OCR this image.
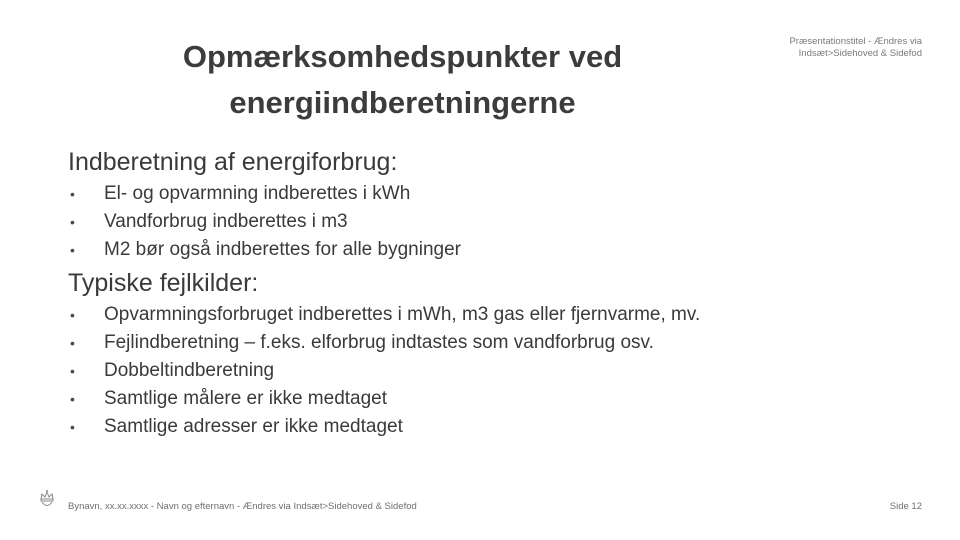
Opmærksomhedspunkter ved energiindberetningerne
Præsentationstitel - Ændres via Indsæt>Sidehoved & Sidefod
Indberetning af energiforbrug:
• El- og opvarmning indberettes i kWh
• Vandforbrug indberettes i m3
• M2 bør også indberettes for alle bygninger
Typiske fejlkilder:
• Opvarmningsforbruget indberettes i mWh, m3 gas eller fjernvarme, mv.
• Fejlindberetning – f.eks. elforbrug indtastes som vandforbrug osv.
• Dobbeltindberetning
• Samtlige målere er ikke medtaget
• Samtlige adresser er ikke medtaget
Bynavn, xx.xx.xxxx - Navn og efternavn - Ændres via Indsæt>Sidehoved & Sidefod	Side 12
